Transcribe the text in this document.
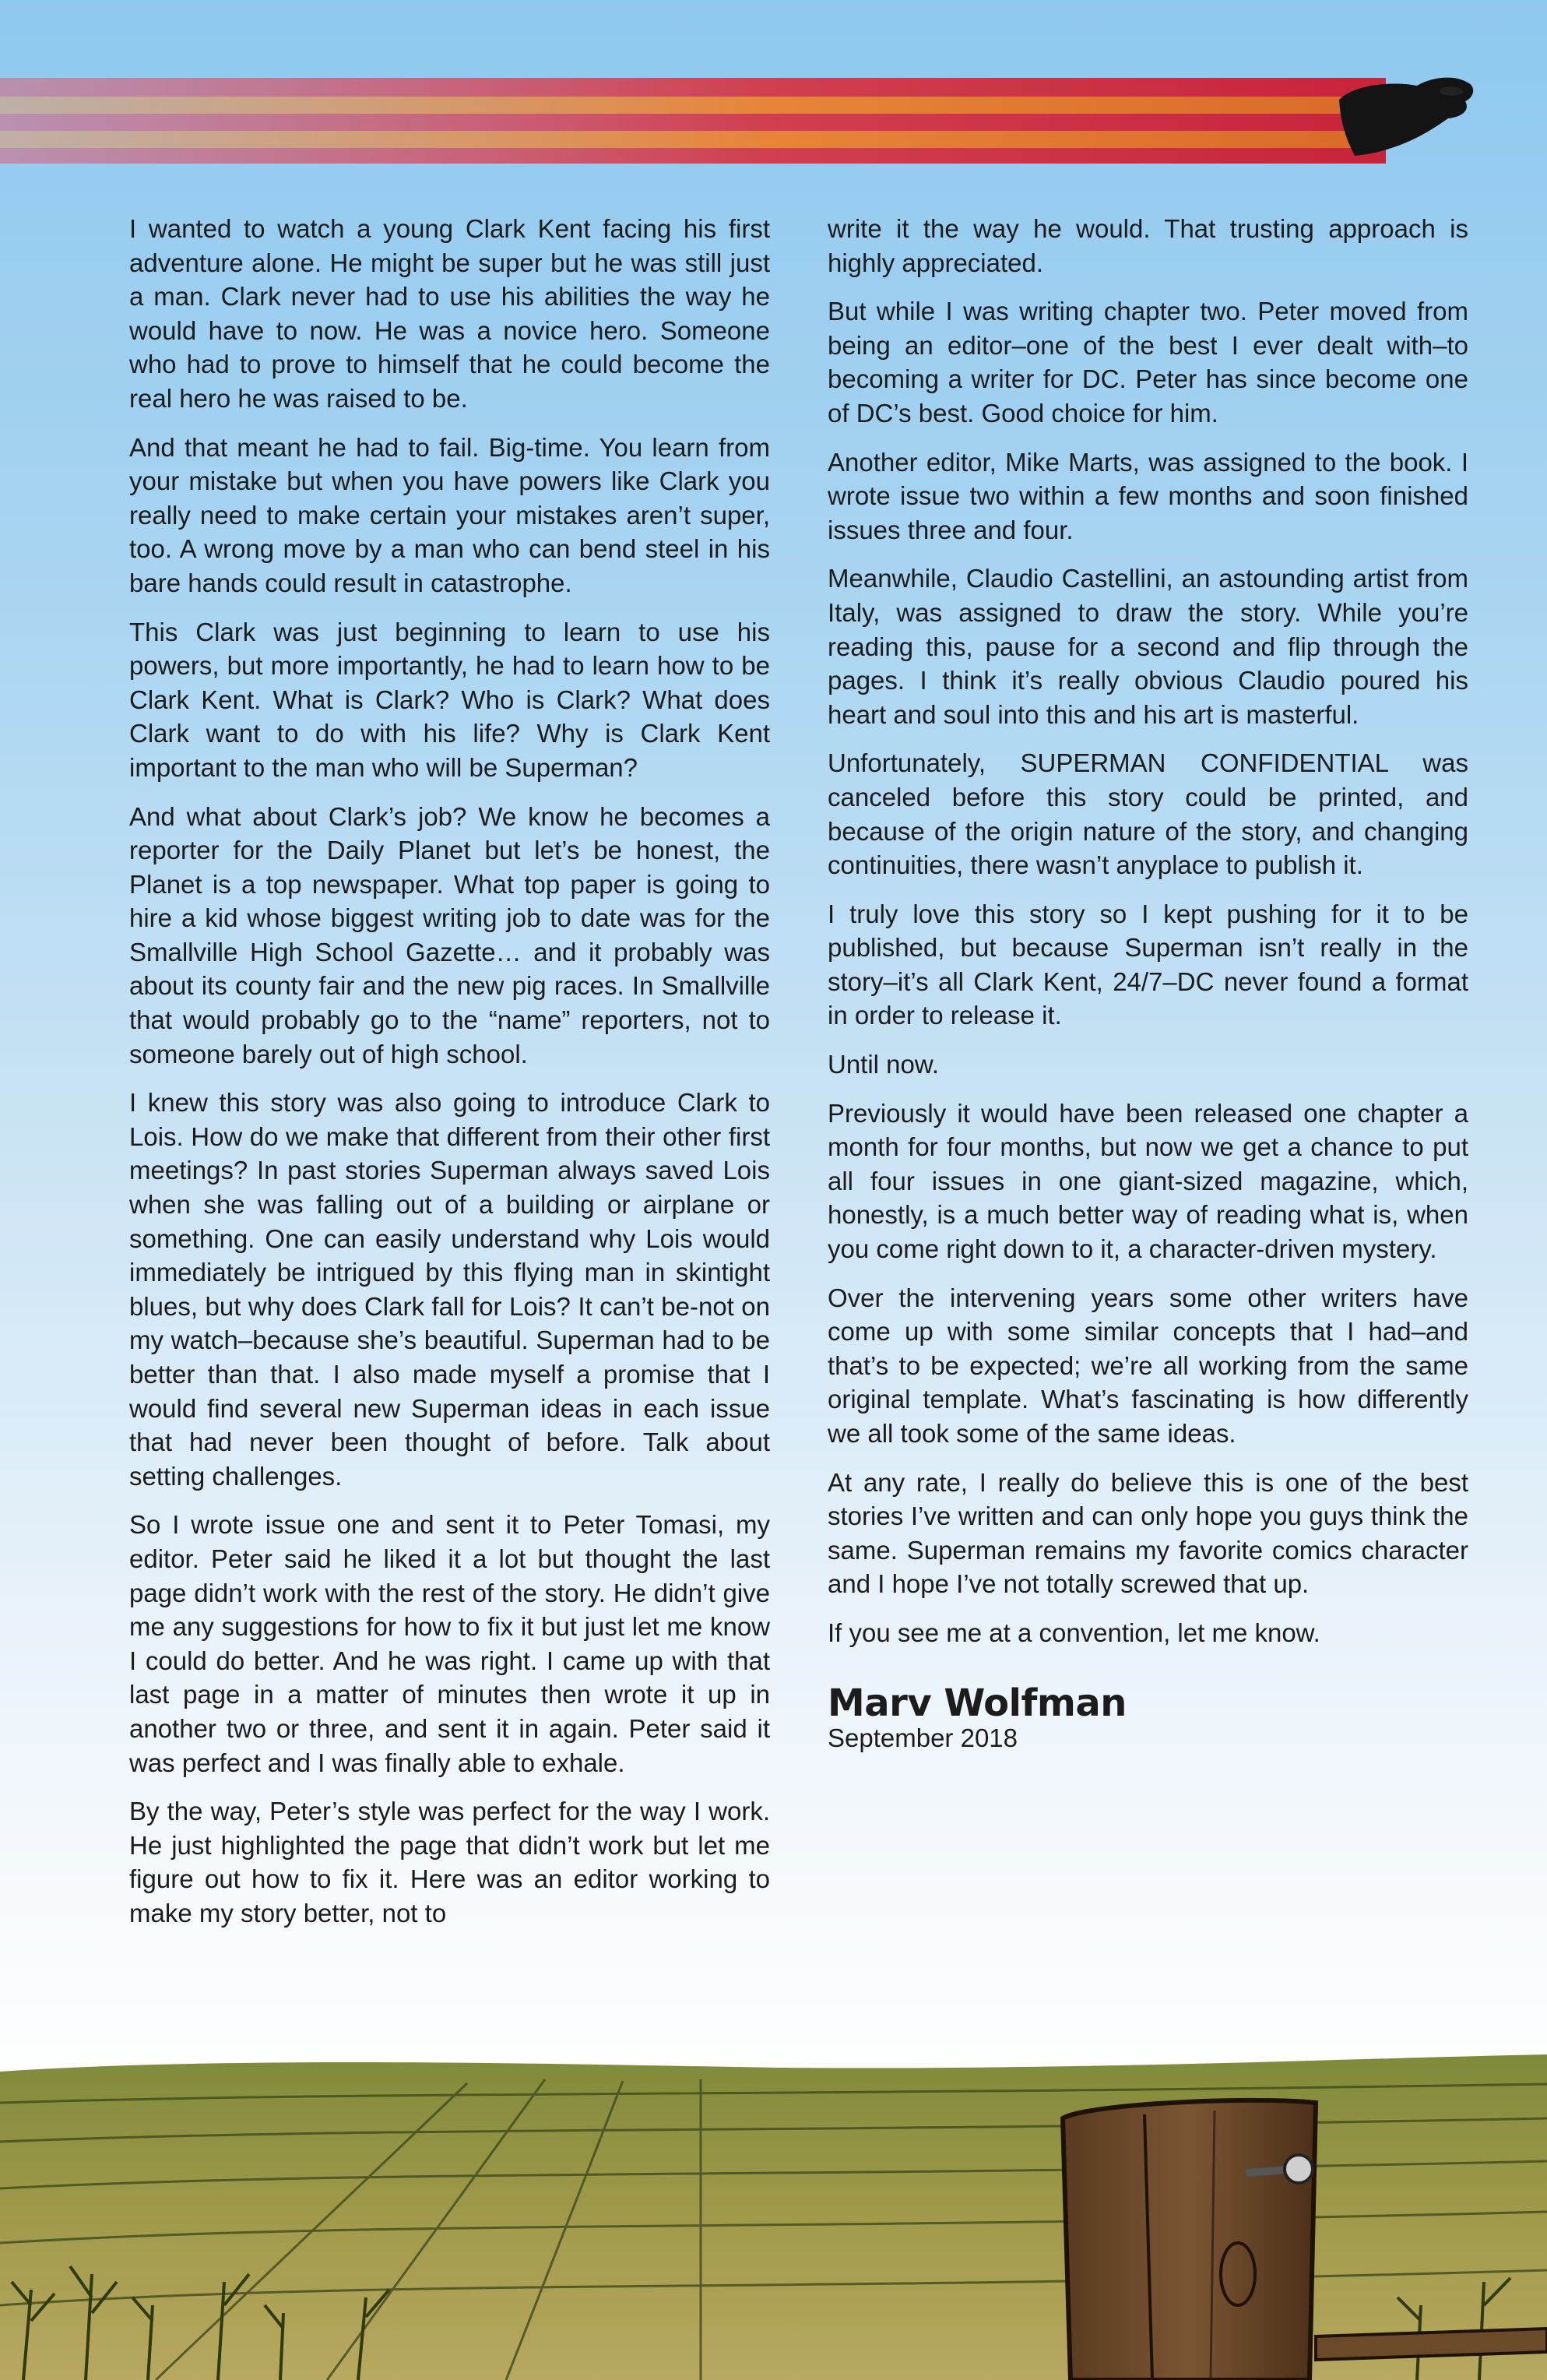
I wanted to watch a young Clark Kent facing his first adventure alone. He might be super but he was still just a man. Clark never had to use his abilities the way he would have to now. He was a novice hero. Someone who had to prove to himself that he could become the real hero he was raised to be.

And that meant he had to fail. Big-time. You learn from your mistake but when you have powers like Clark you really need to make certain your mistakes aren’t super, too. A wrong move by a man who can bend steel in his bare hands could result in catastrophe.

This Clark was just beginning to learn to use his powers, but more importantly, he had to learn how to be Clark Kent. What is Clark? Who is Clark? What does Clark want to do with his life? Why is Clark Kent important to the man who will be Superman?

And what about Clark’s job? We know he becomes a reporter for the Daily Planet but let’s be honest, the Planet is a top newspaper. What top paper is going to hire a kid whose biggest writing job to date was for the Smallville High School Gazette… and it probably was about its county fair and the new pig races. In Smallville that would probably go to the “name” reporters, not to someone barely out of high school.

I knew this story was also going to introduce Clark to Lois. How do we make that different from their other first meetings? In past stories Superman always saved Lois when she was falling out of a building or airplane or something. One can easily understand why Lois would immediately be intrigued by this flying man in skintight blues, but why does Clark fall for Lois? It can’t be-not on my watch–because she’s beautiful. Superman had to be better than that. I also made myself a promise that I would find several new Superman ideas in each issue that had never been thought of before. Talk about setting challenges.

So I wrote issue one and sent it to Peter Tomasi, my editor. Peter said he liked it a lot but thought the last page didn’t work with the rest of the story. He didn’t give me any suggestions for how to fix it but just let me know I could do better. And he was right. I came up with that last page in a matter of minutes then wrote it up in another two or three, and sent it in again. Peter said it was perfect and I was finally able to exhale.

By the way, Peter’s style was perfect for the way I work. He just highlighted the page that didn’t work but let me figure out how to fix it. Here was an editor working to make my story better, not to

write it the way he would. That trusting approach is highly appreciated.

But while I was writing chapter two. Peter moved from being an editor–one of the best I ever dealt with–to becoming a writer for DC. Peter has since become one of DC’s best. Good choice for him.

Another editor, Mike Marts, was assigned to the book. I wrote issue two within a few months and soon finished issues three and four.

Meanwhile, Claudio Castellini, an astounding artist from Italy, was assigned to draw the story. While you’re reading this, pause for a second and flip through the pages. I think it’s really obvious Claudio poured his heart and soul into this and his art is masterful.

Unfortunately, SUPERMAN CONFIDENTIAL was canceled before this story could be printed, and because of the origin nature of the story, and changing continuities, there wasn’t anyplace to publish it.

I truly love this story so I kept pushing for it to be published, but because Superman isn’t really in the story–it’s all Clark Kent, 24/7–DC never found a format in order to release it.

Until now.

Previously it would have been released one chapter a month for four months, but now we get a chance to put all four issues in one giant-sized magazine, which, honestly, is a much better way of reading what is, when you come right down to it, a character-driven mystery.

Over the intervening years some other writers have come up with some similar concepts that I had–and that’s to be expected; we’re all working from the same original template. What’s fascinating is how differently we all took some of the same ideas.

At any rate, I really do believe this is one of the best stories I’ve written and can only hope you guys think the same. Superman remains my favorite comics character and I hope I’ve not totally screwed that up.

If you see me at a convention, let me know.

Marv Wolfman
September 2018
